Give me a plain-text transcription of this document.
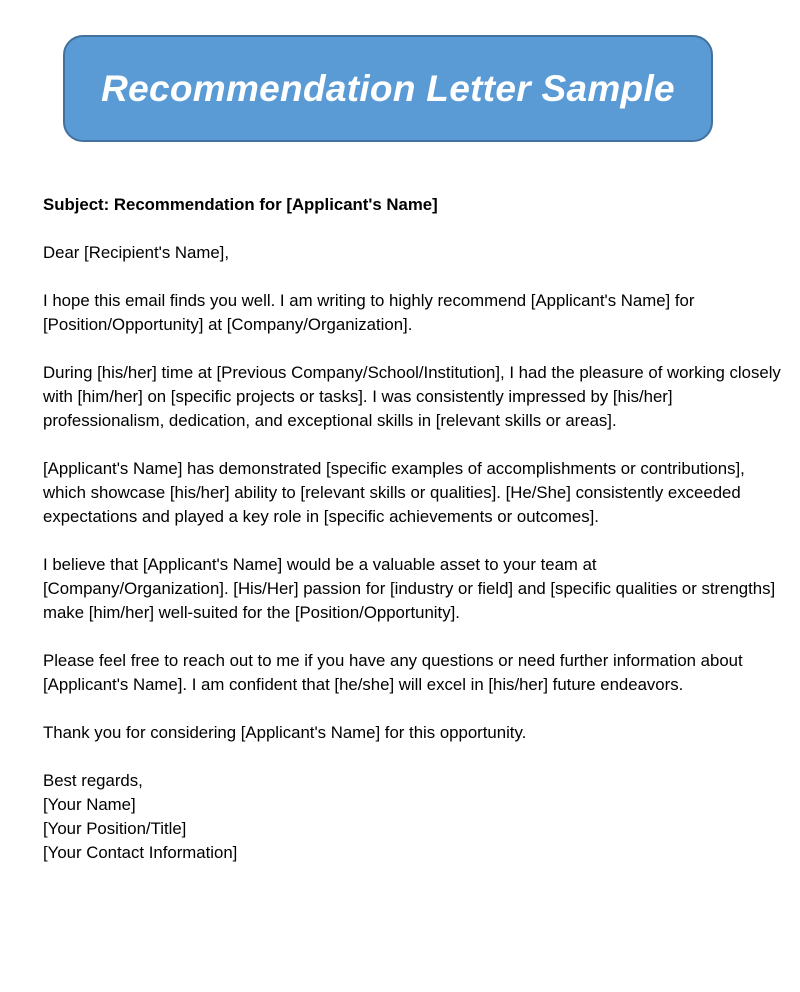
Recommendation Letter Sample

Subject: Recommendation for [Applicant's Name]

Dear [Recipient's Name],

I hope this email finds you well. I am writing to highly recommend [Applicant's Name] for [Position/Opportunity] at [Company/Organization].

During [his/her] time at [Previous Company/School/Institution], I had the pleasure of working closely with [him/her] on [specific projects or tasks]. I was consistently impressed by [his/her] professionalism, dedication, and exceptional skills in [relevant skills or areas].

[Applicant's Name] has demonstrated [specific examples of accomplishments or contributions], which showcase [his/her] ability to [relevant skills or qualities]. [He/She] consistently exceeded expectations and played a key role in [specific achievements or outcomes].

I believe that [Applicant's Name] would be a valuable asset to your team at [Company/Organization]. [His/Her] passion for [industry or field] and [specific qualities or strengths] make [him/her] well-suited for the [Position/Opportunity].

Please feel free to reach out to me if you have any questions or need further information about [Applicant's Name]. I am confident that [he/she] will excel in [his/her] future endeavors.

Thank you for considering [Applicant's Name] for this opportunity.

Best regards,
[Your Name]
[Your Position/Title]
[Your Contact Information]
